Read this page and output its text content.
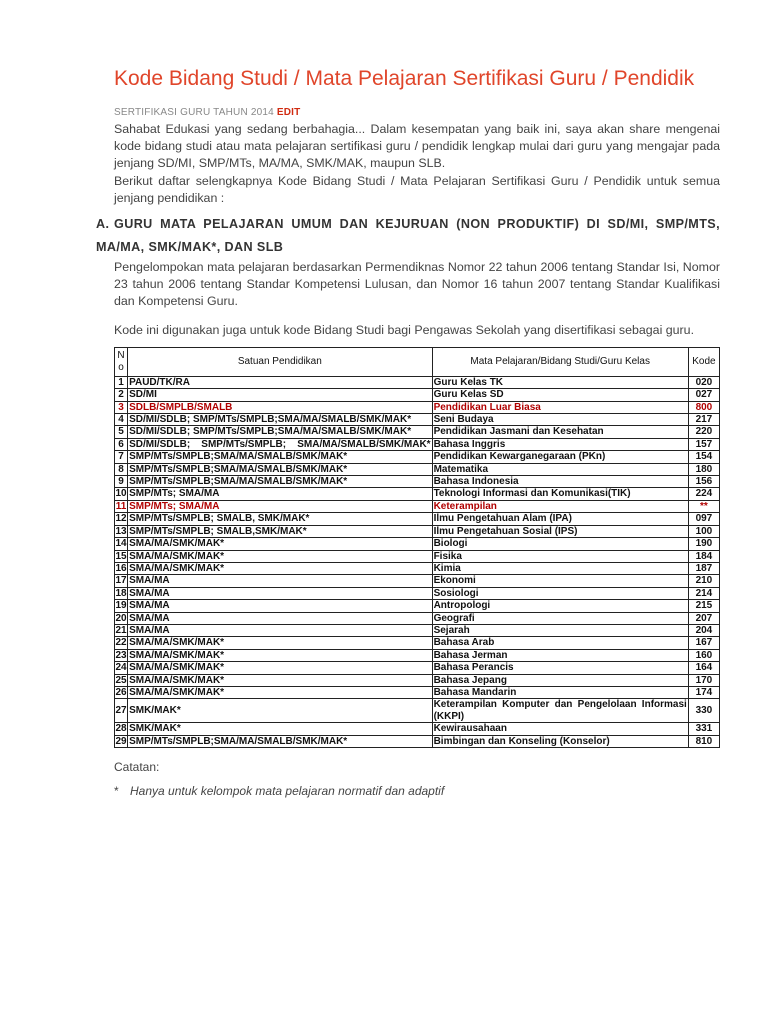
Kode Bidang Studi / Mata Pelajaran Sertifikasi Guru / Pendidik
SERTIFIKASI GURU TAHUN 2014 EDIT

Sahabat Edukasi yang sedang berbahagia... Dalam kesempatan yang baik ini, saya akan share mengenai kode bidang studi atau mata pelajaran sertifikasi guru / pendidik lengkap mulai dari guru yang mengajar pada jenjang SD/MI, SMP/MTs, MA/MA, SMK/MAK, maupun SLB.

Berikut daftar selengkapnya Kode Bidang Studi / Mata Pelajaran Sertifikasi Guru / Pendidik untuk semua jenjang pendidikan :

A. GURU MATA PELAJARAN UMUM DAN KEJURUAN (NON PRODUKTIF) DI SD/MI, SMP/MTS, MA/MA, SMK/MAK*, DAN SLB

Pengelompokan mata pelajaran berdasarkan Permendiknas Nomor 22 tahun 2006 tentang Standar Isi, Nomor 23 tahun 2006 tentang Standar Kompetensi Lulusan, dan Nomor 16 tahun 2007 tentang Standar Kualifikasi dan Kompetensi Guru.

Kode ini digunakan juga untuk kode Bidang Studi bagi Pengawas Sekolah yang disertifikasi sebagai guru.

No	Satuan Pendidikan	Mata Pelajaran/Bidang Studi/Guru Kelas	Kode
1	PAUD/TK/RA	Guru Kelas TK	020
2	SD/MI	Guru Kelas SD	027
3	SDLB/SMPLB/SMALB	Pendidikan Luar Biasa	800
4	SD/MI/SDLB; SMP/MTs/SMPLB;SMA/MA/SMALB/SMK/MAK*	Seni Budaya	217
5	SD/MI/SDLB; SMP/MTs/SMPLB;SMA/MA/SMALB/SMK/MAK*	Pendidikan Jasmani dan Kesehatan	220
6	SD/MI/SDLB; SMP/MTs/SMPLB; SMA/MA/SMALB/SMK/MAK*	Bahasa Inggris	157
7	SMP/MTs/SMPLB;SMA/MA/SMALB/SMK/MAK*	Pendidikan Kewarganegaraan (PKn)	154
8	SMP/MTs/SMPLB;SMA/MA/SMALB/SMK/MAK*	Matematika	180
9	SMP/MTs/SMPLB;SMA/MA/SMALB/SMK/MAK*	Bahasa Indonesia	156
10	SMP/MTs; SMA/MA	Teknologi Informasi dan Komunikasi(TIK)	224
11	SMP/MTs; SMA/MA	Keterampilan	**
12	SMP/MTs/SMPLB; SMALB, SMK/MAK*	Ilmu Pengetahuan Alam (IPA)	097
13	SMP/MTs/SMPLB; SMALB,SMK/MAK*	Ilmu Pengetahuan Sosial (IPS)	100
14	SMA/MA/SMK/MAK*	Biologi	190
15	SMA/MA/SMK/MAK*	Fisika	184
16	SMA/MA/SMK/MAK*	Kimia	187
17	SMA/MA	Ekonomi	210
18	SMA/MA	Sosiologi	214
19	SMA/MA	Antropologi	215
20	SMA/MA	Geografi	207
21	SMA/MA	Sejarah	204
22	SMA/MA/SMK/MAK*	Bahasa Arab	167
23	SMA/MA/SMK/MAK*	Bahasa Jerman	160
24	SMA/MA/SMK/MAK*	Bahasa Perancis	164
25	SMA/MA/SMK/MAK*	Bahasa Jepang	170
26	SMA/MA/SMK/MAK*	Bahasa Mandarin	174
27	SMK/MAK*	Keterampilan Komputer dan Pengelolaan Informasi (KKPI)	330
28	SMK/MAK*	Kewirausahaan	331
29	SMP/MTs/SMPLB;SMA/MA/SMALB/SMK/MAK*	Bimbingan dan Konseling (Konselor)	810
Catatan:
* Hanya untuk kelompok mata pelajaran normatif dan adaptif
